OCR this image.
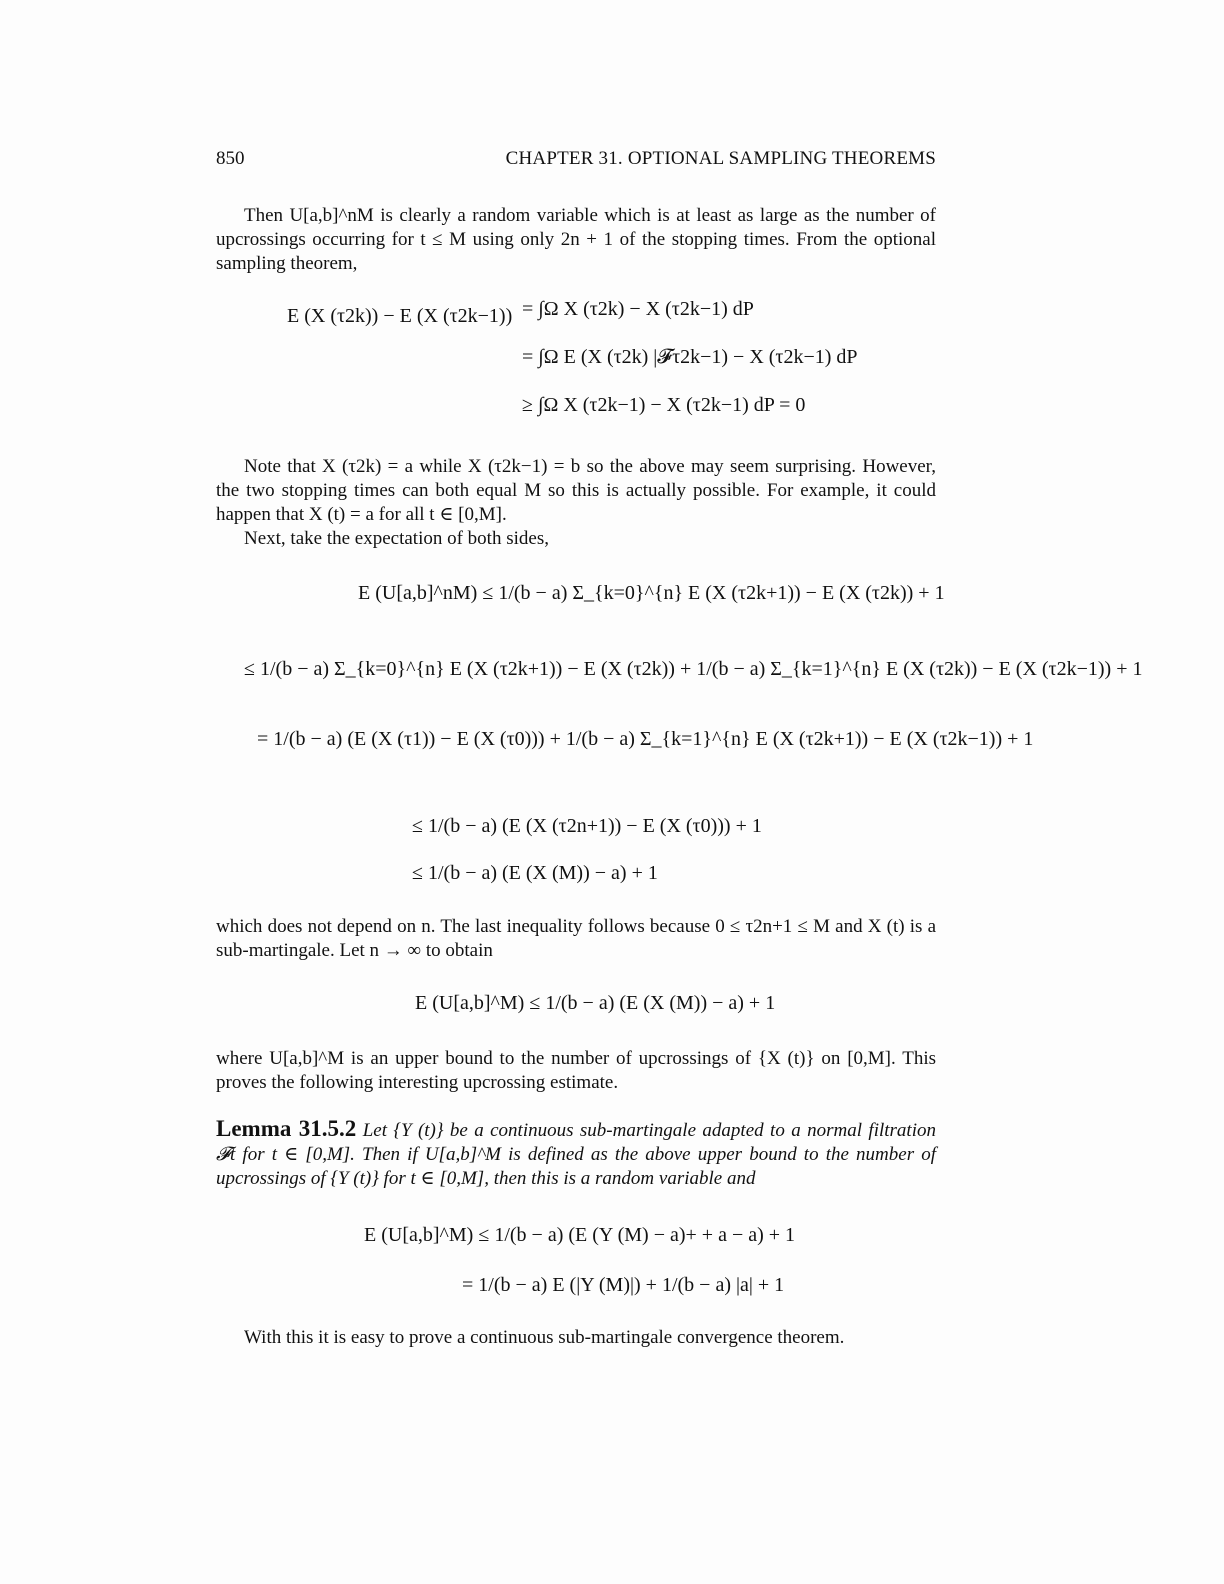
850	CHAPTER 31. OPTIONAL SAMPLING THEOREMS
Then U[a,b]^nM is clearly a random variable which is at least as large as the number of upcrossings occurring for t ≤ M using only 2n + 1 of the stopping times. From the optional sampling theorem,
E (X (τ2k)) − E (X (τ2k−1)) = ∫Ω X (τ2k) − X (τ2k−1) dP
= ∫Ω E (X (τ2k) |𝓕τ2k−1) − X (τ2k−1) dP
≥ ∫Ω X (τ2k−1) − X (τ2k−1) dP = 0
Note that X (τ2k) = a while X (τ2k−1) = b so the above may seem surprising. However, the two stopping times can both equal M so this is actually possible. For example, it could happen that X (t) = a for all t ∈ [0,M].
Next, take the expectation of both sides,
E (U[a,b]^nM) ≤ 1/(b − a) Σ_{k=0}^{n} E (X (τ2k+1)) − E (X (τ2k)) + 1
≤ 1/(b − a) Σ_{k=0}^{n} E (X (τ2k+1)) − E (X (τ2k)) + 1/(b − a) Σ_{k=1}^{n} E (X (τ2k)) − E (X (τ2k−1)) + 1
= 1/(b − a) (E (X (τ1)) − E (X (τ0))) + 1/(b − a) Σ_{k=1}^{n} E (X (τ2k+1)) − E (X (τ2k−1)) + 1
≤ 1/(b − a) (E (X (τ2n+1)) − E (X (τ0))) + 1
≤ 1/(b − a) (E (X (M)) − a) + 1
which does not depend on n. The last inequality follows because 0 ≤ τ2n+1 ≤ M and X (t) is a sub-martingale. Let n → ∞ to obtain
E (U[a,b]^M) ≤ 1/(b − a) (E (X (M)) − a) + 1
where U[a,b]^M is an upper bound to the number of upcrossings of {X (t)} on [0,M]. This proves the following interesting upcrossing estimate.
Lemma 31.5.2 Let {Y (t)} be a continuous sub-martingale adapted to a normal filtration 𝓕t for t ∈ [0,M]. Then if U[a,b]^M is defined as the above upper bound to the number of upcrossings of {Y (t)} for t ∈ [0,M], then this is a random variable and
E (U[a,b]^M) ≤ 1/(b − a) (E (Y (M) − a)+ + a − a) + 1
= 1/(b − a) E (|Y (M)|) + 1/(b − a) |a| + 1
With this it is easy to prove a continuous sub-martingale convergence theorem.
